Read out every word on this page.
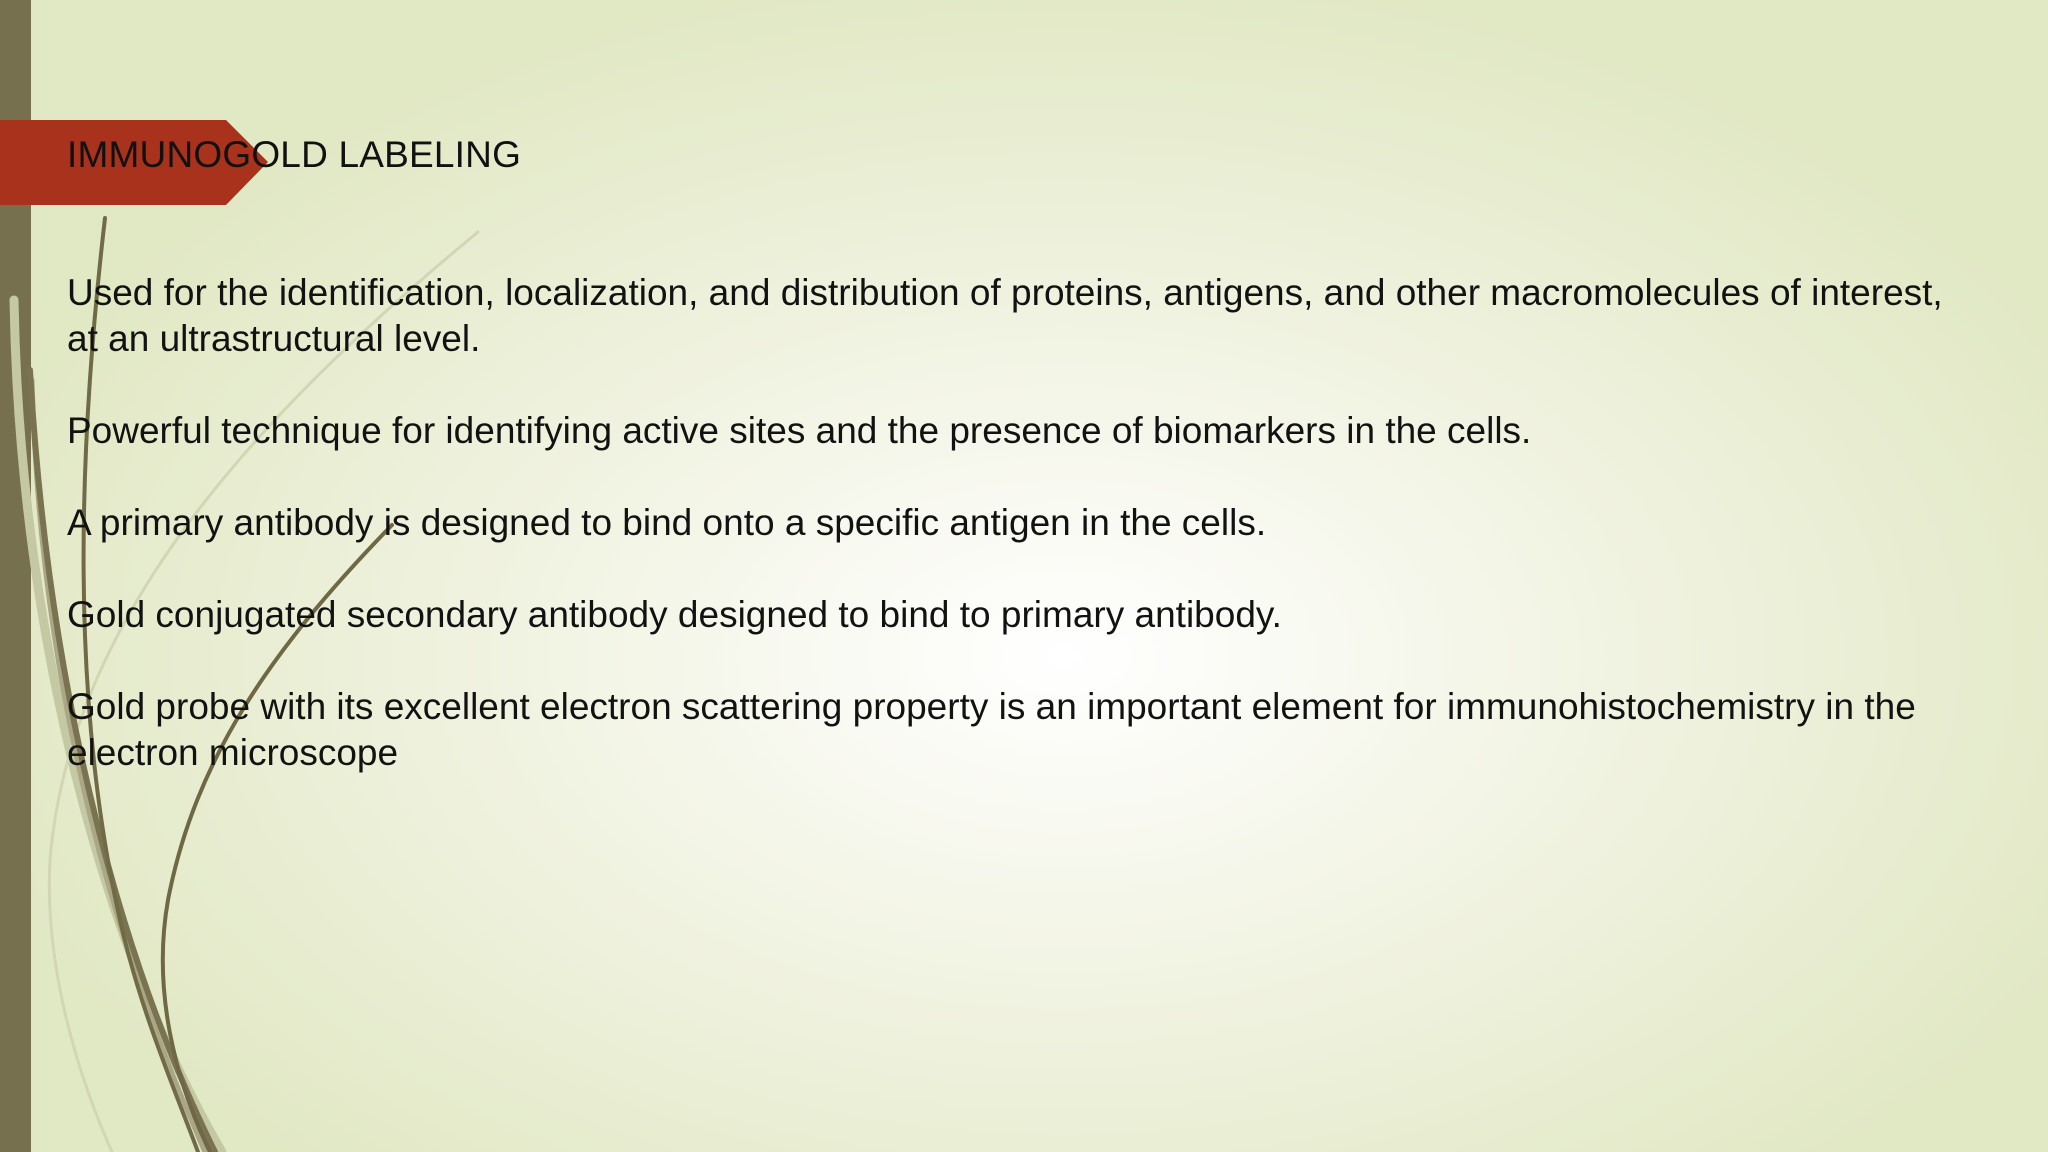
IMMUNOGOLD LABELING
Used for the identification, localization, and distribution of proteins, antigens, and other macromolecules of interest, at an ultrastructural level.
Powerful technique for identifying active sites and the presence of biomarkers in the cells.
A primary antibody is designed to bind onto a specific antigen in the cells.
Gold conjugated secondary antibody designed to bind to primary antibody.
Gold probe with its excellent electron scattering property is an important element for immunohistochemistry in the electron microscope
